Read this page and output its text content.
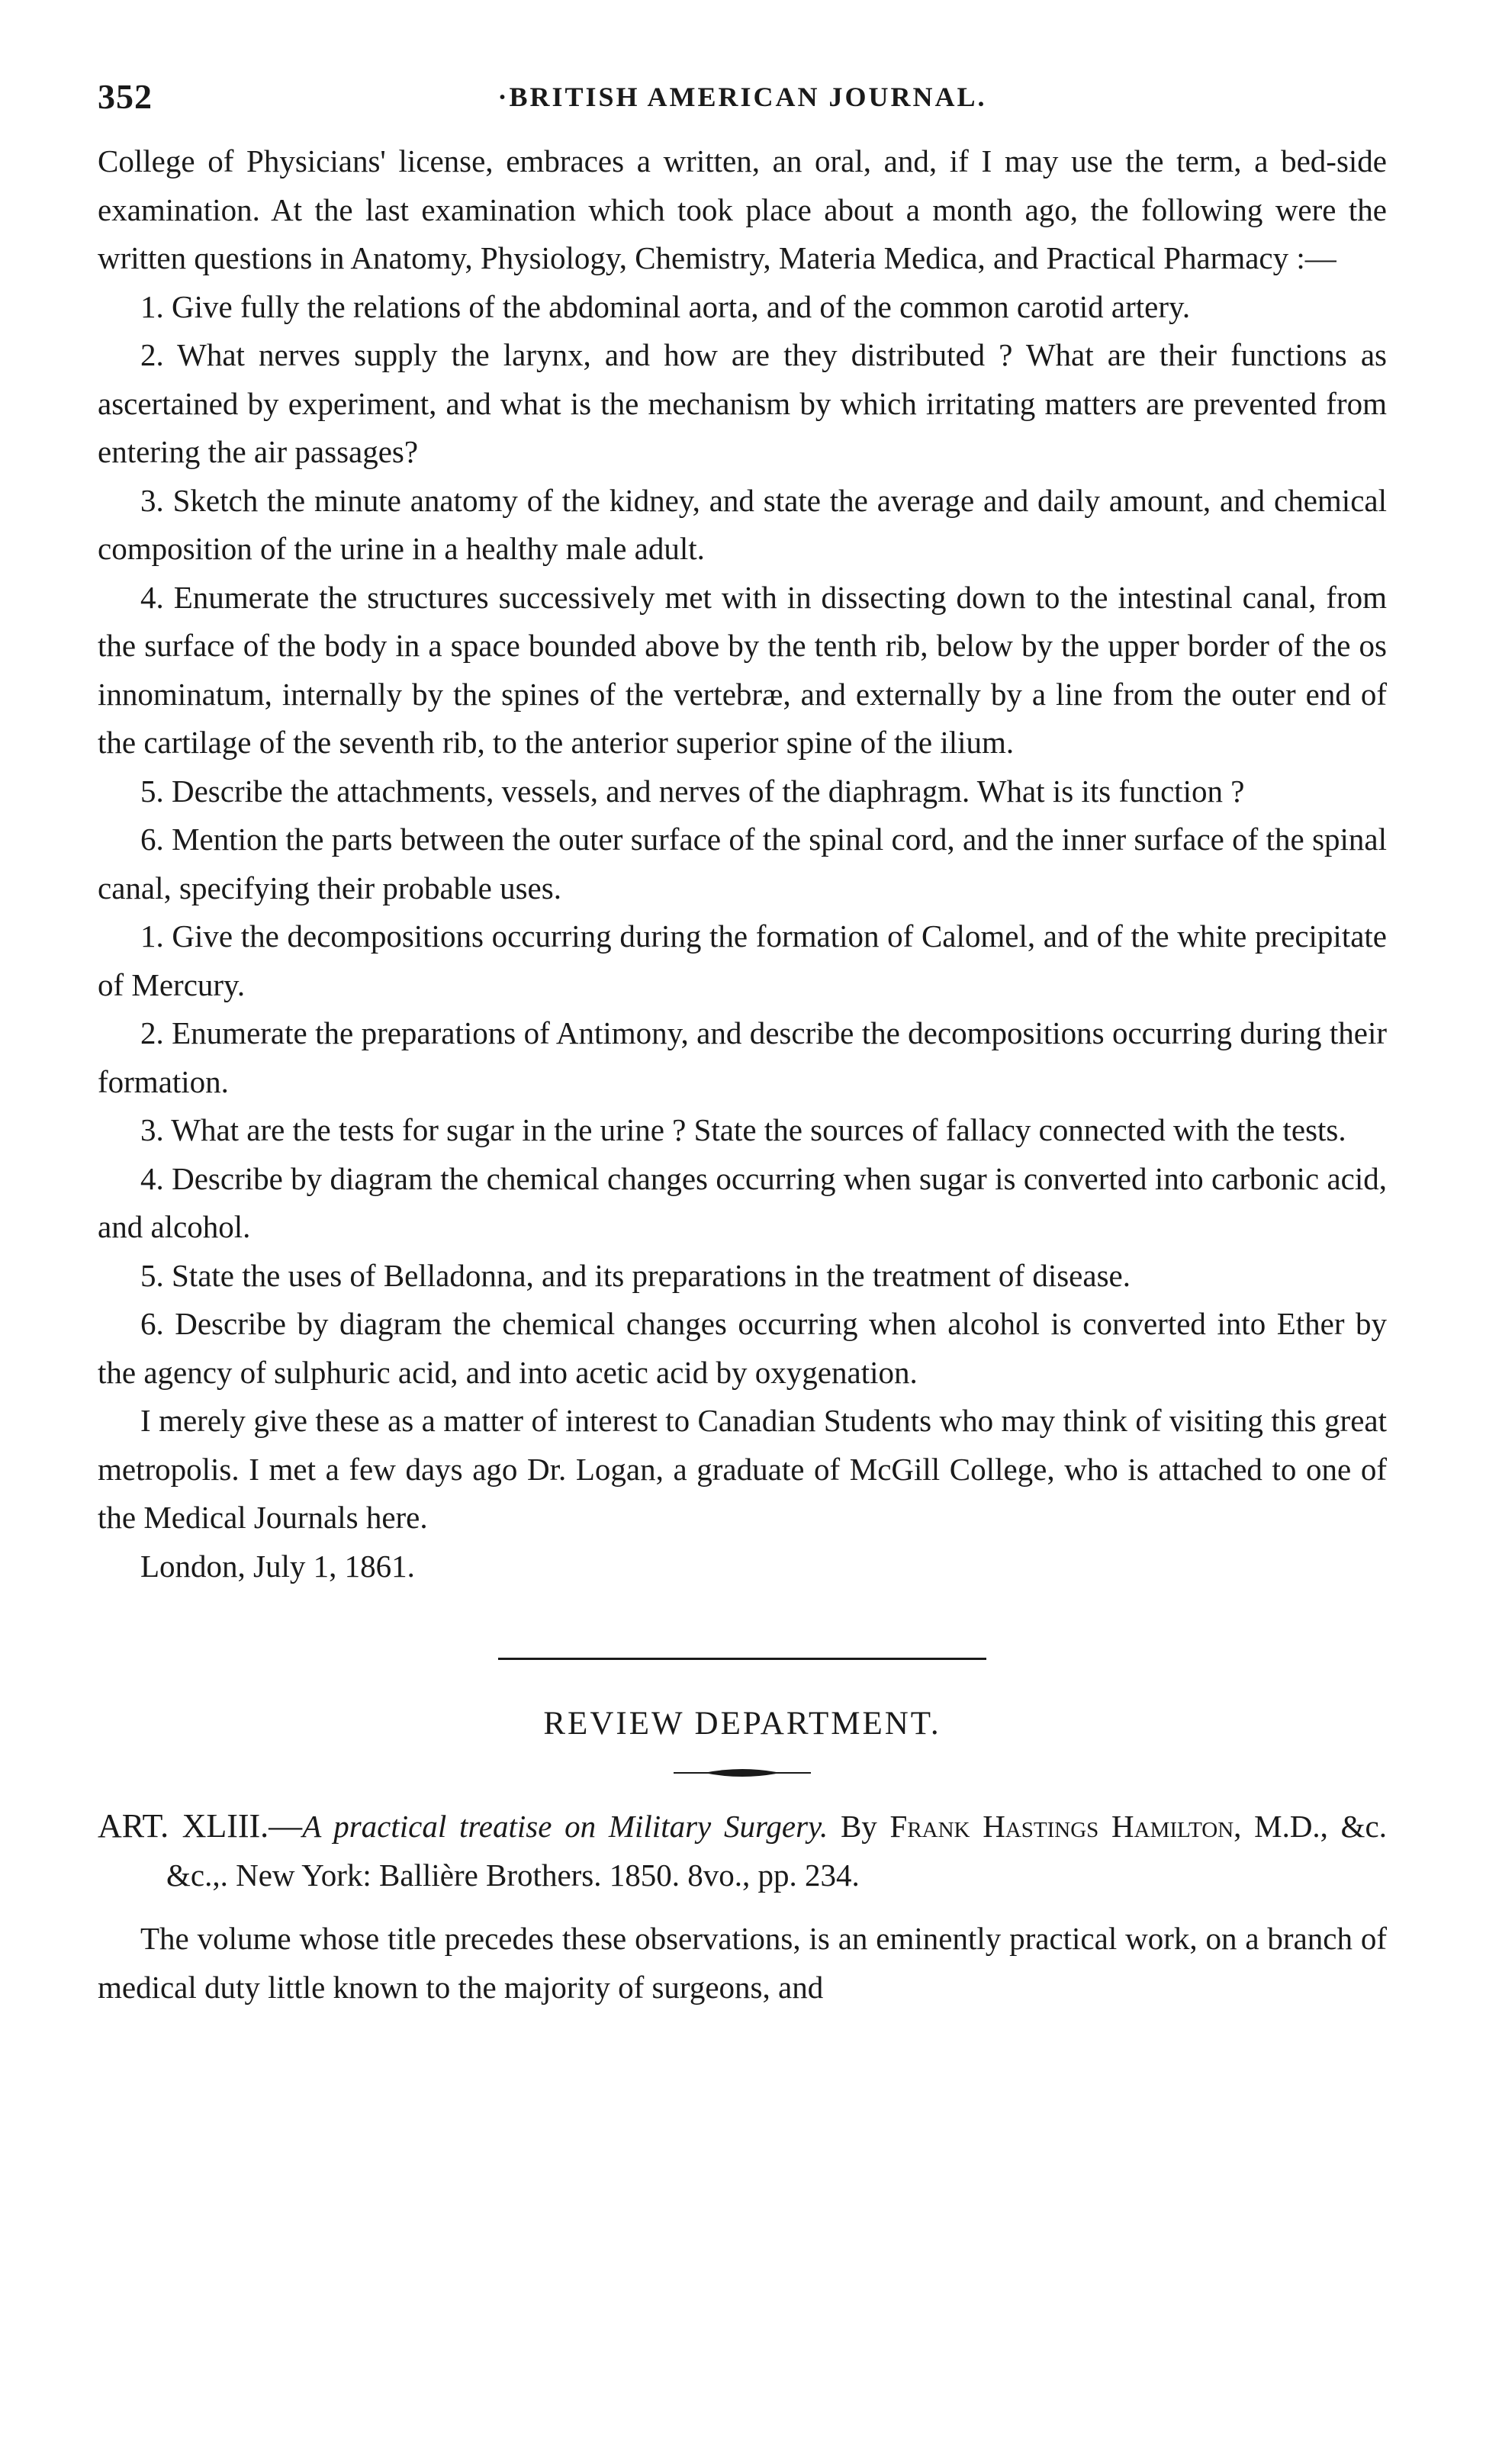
352	·BRITISH AMERICAN JOURNAL.

College of Physicians' license, embraces a written, an oral, and, if I may use the term, a bed-side examination. At the last examination which took place about a month ago, the following were the written questions in Anatomy, Physiology, Chemistry, Materia Medica, and Practical Pharmacy :—

1. Give fully the relations of the abdominal aorta, and of the common carotid artery.

2. What nerves supply the larynx, and how are they distributed ? What are their functions as ascertained by experiment, and what is the mechanism by which irritating matters are prevented from entering the air passages?

3. Sketch the minute anatomy of the kidney, and state the average and daily amount, and chemical composition of the urine in a healthy male adult.

4. Enumerate the structures successively met with in dissecting down to the intestinal canal, from the surface of the body in a space bounded above by the tenth rib, below by the upper border of the os innominatum, internally by the spines of the vertebræ, and externally by a line from the outer end of the cartilage of the seventh rib, to the anterior superior spine of the ilium.

5. Describe the attachments, vessels, and nerves of the diaphragm. What is its function ?

6. Mention the parts between the outer surface of the spinal cord, and the inner surface of the spinal canal, specifying their probable uses.

1. Give the decompositions occurring during the formation of Calomel, and of the white precipitate of Mercury.

2. Enumerate the preparations of Antimony, and describe the decompositions occurring during their formation.

3. What are the tests for sugar in the urine ? State the sources of fallacy connected with the tests.

4. Describe by diagram the chemical changes occurring when sugar is converted into carbonic acid, and alcohol.

5. State the uses of Belladonna, and its preparations in the treatment of disease.

6. Describe by diagram the chemical changes occurring when alcohol is converted into Ether by the agency of sulphuric acid, and into acetic acid by oxygenation.

I merely give these as a matter of interest to Canadian Students who may think of visiting this great metropolis. I met a few days ago Dr. Logan, a graduate of McGill College, who is attached to one of the Medical Journals here.

London, July 1, 1861.
REVIEW DEPARTMENT.
ART. XLIII.—A practical treatise on Military Surgery. By Frank Hastings Hamilton, M.D., &c. &c.,. New York: Ballière Brothers. 1850. 8vo., pp. 234.

The volume whose title precedes these observations, is an eminently practical work, on a branch of medical duty little known to the majority of surgeons, and
